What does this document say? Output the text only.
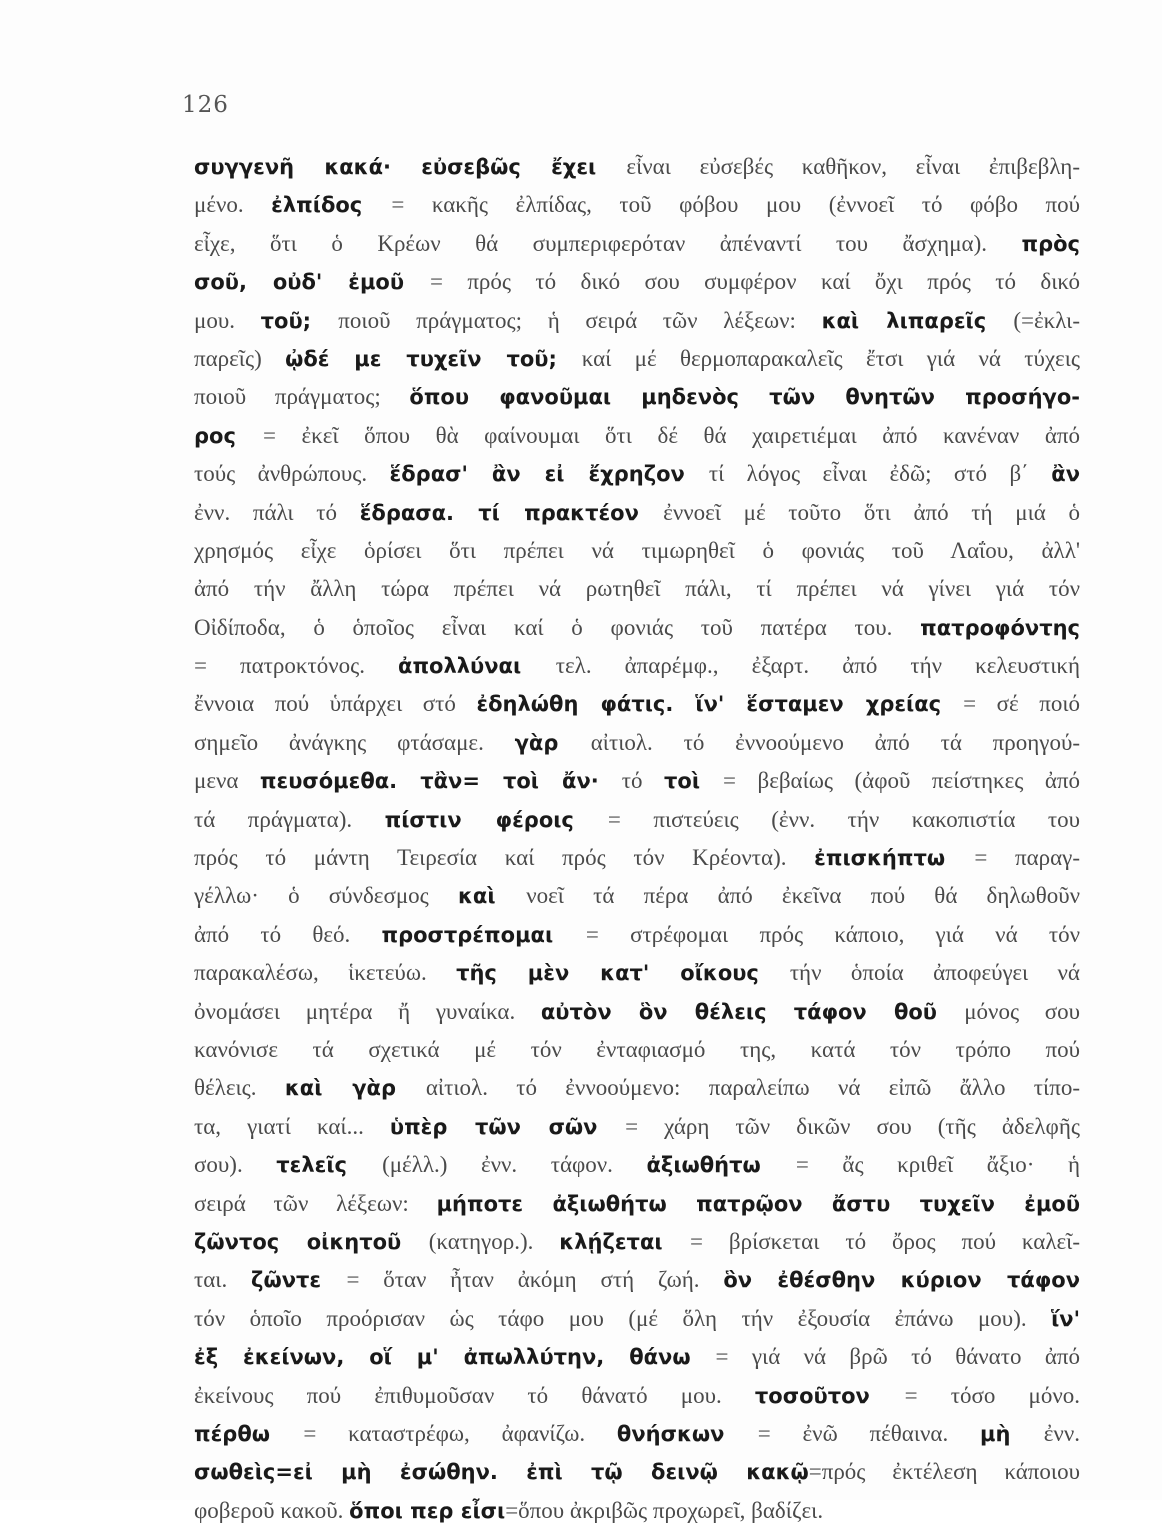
126
συγγενῆ κακά· εὐσεβῶς ἔχει εἶναι εὐσεβές καθῆκον, εἶναι ἐπιβεβλη-
μένο. ἐλπίδος = κακῆς ἐλπίδας, τοῦ φόβου μου (ἐννοεῖ τό φόβο πού
εἶχε, ὅτι ὁ Κρέων θά συμπεριφερόταν ἀπέναντί του ἄσχημα). πρὸς
σοῦ, οὐδ' ἐμοῦ = πρός τό δικό σου συμφέρον καί ὄχι πρός τό δικό
μου. τοῦ; ποιοῦ πράγματος; ἡ σειρά τῶν λέξεων: καὶ λιπαρεῖς (=ἐκλι-
παρεῖς) ᾠδέ με τυχεῖν τοῦ; καί μέ θερμοπαρακαλεῖς ἔτσι γιά νά τύχεις
ποιοῦ πράγματος; ὅπου φανοῦμαι μηδενὸς τῶν θνητῶν προσήγο-
ρος = ἐκεῖ ὅπου θὰ φαίνουμαι ὅτι δέ θά χαιρετιέμαι ἀπό κανέναν ἀπό
τούς ἀνθρώπους. ἕδρασ' ἂν εἰ ἔχρηζον τί λόγος εἶναι ἐδῶ; στό β΄ ἂν
ἐνν. πάλι τό ἕδρασα. τί πρακτέον ἐννοεῖ μέ τοῦτο ὅτι ἀπό τή μιά ὁ
χρησμός εἶχε ὁρίσει ὅτι πρέπει νά τιμωρηθεῖ ὁ φονιάς τοῦ Λαΐου, ἀλλ'
ἀπό τήν ἄλλη τώρα πρέπει νά ρωτηθεῖ πάλι, τί πρέπει νά γίνει γιά τόν
Οἰδίποδα, ὁ ὁποῖος εἶναι καί ὁ φονιάς τοῦ πατέρα του. πατροφόντης
= πατροκτόνος. ἀπολλύναι τελ. ἀπαρέμφ., ἐξαρτ. ἀπό τήν κελευστική
ἔννοια πού ὑπάρχει στό ἐδηλώθη φάτις. ἵν' ἕσταμεν χρείας = σέ ποιό
σημεῖο ἀνάγκης φτάσαμε. γὰρ αἰτιολ. τό ἐννοούμενο ἀπό τά προηγού-
μενα πευσόμεθα. τἂν= τοὶ ἄν· τό τοὶ = βεβαίως (ἀφοῦ πείστηκες ἀπό
τά πράγματα). πίστιν φέροις = πιστεύεις (ἐνν. τήν κακοπιστία του
πρός τό μάντη Τειρεσία καί πρός τόν Κρέοντα). ἐπισκήπτω = παραγ-
γέλλω· ὁ σύνδεσμος καὶ νοεῖ τά πέρα ἀπό ἐκεῖνα πού θά δηλωθοῦν
ἀπό τό θεό. προστρέπομαι = στρέφομαι πρός κάποιο, γιά νά τόν
παρακαλέσω, ἱκετεύω. τῆς μὲν κατ' οἴκους τήν ὁποία ἀποφεύγει νά
ὀνομάσει μητέρα ἤ γυναίκα. αὐτὸν ὃν θέλεις τάφον θοῦ μόνος σου
κανόνισε τά σχετικά μέ τόν ἐνταφιασμό της, κατά τόν τρόπο πού
θέλεις. καὶ γὰρ αἰτιολ. τό ἐννοούμενο: παραλείπω νά εἰπῶ ἄλλο τίπο-
τα, γιατί καί... ὑπὲρ τῶν σῶν = χάρη τῶν δικῶν σου (τῆς ἀδελφῆς
σου). τελεῖς (μέλλ.) ἐνν. τάφον. ἀξιωθήτω = ἄς κριθεῖ ἄξιο· ἡ
σειρά τῶν λέξεων: μήποτε ἀξιωθήτω πατρῷον ἄστυ τυχεῖν ἐμοῦ
ζῶντος οἰκητοῦ (κατηγορ.). κλῄζεται = βρίσκεται τό ὄρος πού καλεῖ-
ται. ζῶντε = ὅταν ἦταν ἀκόμη στή ζωή. ὃν ἐθέσθην κύριον τάφον
τόν ὁποῖο προόρισαν ὡς τάφο μου (μέ ὅλη τήν ἐξουσία ἐπάνω μου). ἵν'
ἐξ ἐκείνων, οἵ μ' ἀπωλλύτην, θάνω = γιά νά βρῶ τό θάνατο ἀπό
ἐκείνους πού ἐπιθυμοῦσαν τό θάνατό μου. τοσοῦτον = τόσο μόνο.
πέρθω = καταστρέφω, ἀφανίζω. θνήσκων = ἐνῶ πέθαινα. μὴ ἐνν.
σωθεὶς=εἰ μὴ ἐσώθην. ἐπὶ τῷ δεινῷ κακῷ=πρός ἐκτέλεση κάποιου
φοβεροῦ κακοῦ. ὅποι περ εἶσι=ὅπου ἀκριβῶς προχωρεῖ, βαδίζει.
